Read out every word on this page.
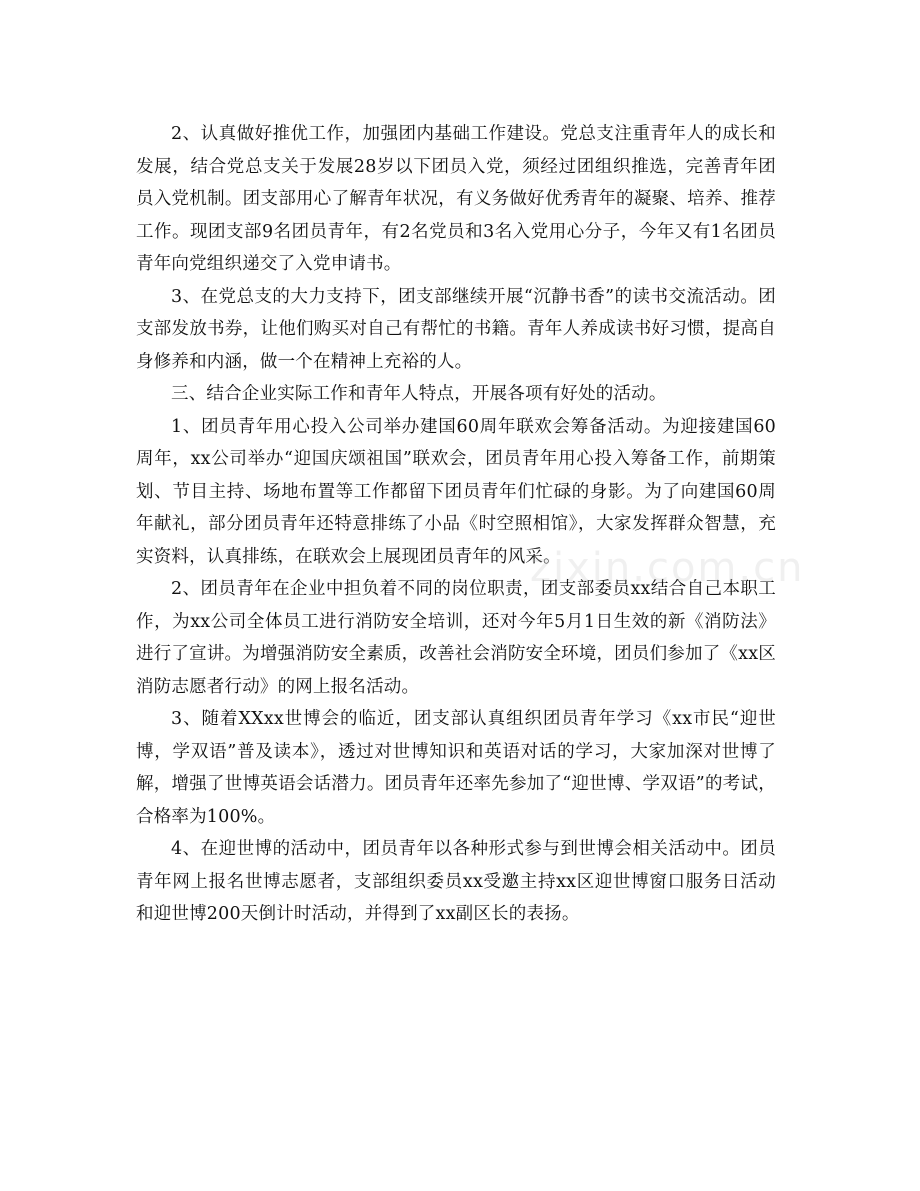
2、认真做好推优工作，加强团内基础工作建设。党总支注重青年人的成长和发展，结合党总支关于发展28岁以下团员入党，须经过团组织推选，完善青年团员入党机制。团支部用心了解青年状况，有义务做好优秀青年的凝聚、培养、推荐工作。现团支部9名团员青年，有2名党员和3名入党用心分子，今年又有1名团员青年向党组织递交了入党申请书。

3、在党总支的大力支持下，团支部继续开展“沉静书香”的读书交流活动。团支部发放书券，让他们购买对自己有帮忙的书籍。青年人养成读书好习惯，提高自身修养和内涵，做一个在精神上充裕的人。

三、结合企业实际工作和青年人特点，开展各项有好处的活动。

1、团员青年用心投入公司举办建国60周年联欢会筹备活动。为迎接建国60周年，xx公司举办“迎国庆颂祖国”联欢会，团员青年用心投入筹备工作，前期策划、节目主持、场地布置等工作都留下团员青年们忙碌的身影。为了向建国60周年献礼，部分团员青年还特意排练了小品《时空照相馆》，大家发挥群众智慧，充实资料，认真排练，在联欢会上展现团员青年的风采。

2、团员青年在企业中担负着不同的岗位职责，团支部委员xx结合自己本职工作，为xx公司全体员工进行消防安全培训，还对今年5月1日生效的新《消防法》进行了宣讲。为增强消防安全素质，改善社会消防安全环境，团员们参加了《xx区消防志愿者行动》的网上报名活动。

3、随着XXxx世博会的临近，团支部认真组织团员青年学习《xx市民“迎世博，学双语”普及读本》，透过对世博知识和英语对话的学习，大家加深对世博了解，增强了世博英语会话潜力。团员青年还率先参加了“迎世博、学双语”的考试，合格率为100%。

4、在迎世博的活动中，团员青年以各种形式参与到世博会相关活动中。团员青年网上报名世博志愿者，支部组织委员xx受邀主持xx区迎世博窗口服务日活动和迎世博200天倒计时活动，并得到了xx副区长的表扬。

zixin.com.cn
